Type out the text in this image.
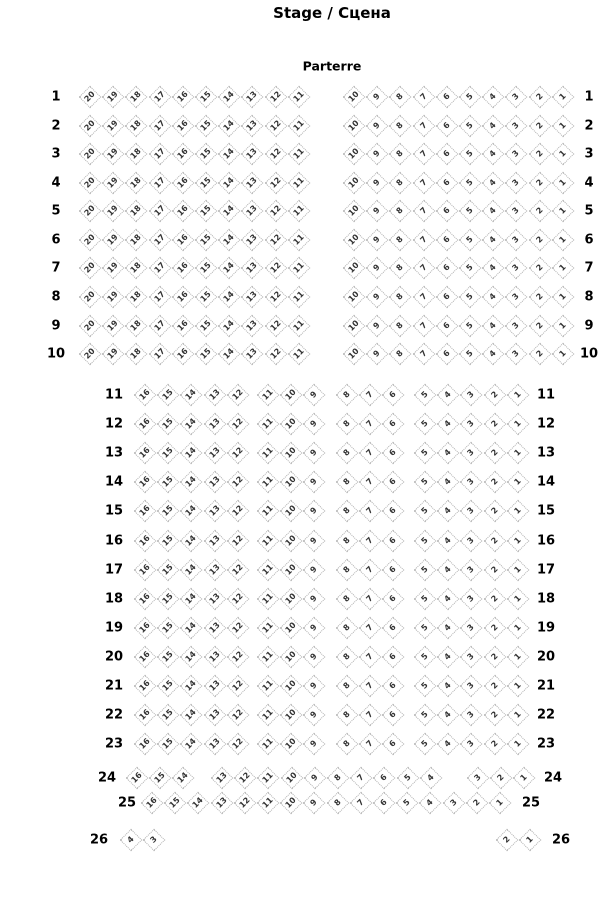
Stage / Сцена
Parterre
1	20 19 18 17 16 15 14 13 12 11	10 9 8 7 6 5 4 3 2 1 1
2	20 19 18 17 16 15 14 13 12 11	10 9 8 7 6 5 4 3 2 1 2
3	20 19 18 17 16 15 14 13 12 11	10 9 8 7 6 5 4 3 2 1 3
4	20 19 18 17 16 15 14 13 12 11	10 9 8 7 6 5 4 3 2 1 4
5	20 19 18 17 16 15 14 13 12 11	10 9 8 7 6 5 4 3 2 1 5
6	20 19 18 17 16 15 14 13 12 11	10 9 8 7 6 5 4 3 2 1 6
7	20 19 18 17 16 15 14 13 12 11	10 9 8 7 6 5 4 3 2 1 7
8	20 19 18 17 16 15 14 13 12 11	10 9 8 7 6 5 4 3 2 1 8
9	20 19 18 17 16 15 14 13 12 11	10 9 8 7 6 5 4 3 2 1 9
10 20 19 18 17 16 15 14 13 12 11	10 9 8 7 6 5 4 3 2 1 10
11 16 15 14 13 12 11 10 9	8 7 6	5 4 3 2 1 11
12 16 15 14 13 12 11 10 9	8 7 6	5 4 3 2 1 12
13 16 15 14 13 12 11 10 9	8 7 6	5 4 3 2 1 13
14 16 15 14 13 12 11 10 9	8 7 6	5 4 3 2 1 14
15 16 15 14 13 12 11 10 9	8 7 6	5 4 3 2 1 15
16 16 15 14 13 12 11 10 9	8 7 6	5 4 3 2 1 16
17 16 15 14 13 12 11 10 9	8 7 6	5 4 3 2 1 17
18 16 15 14 13 12 11 10 9	8 7 6	5 4 3 2 1 18
19 16 15 14 13 12 11 10 9	8 7 6	5 4 3 2 1 19
20 16 15 14 13 12 11 10 9	8 7 6	5 4 3 2 1 20
21 16 15 14 13 12 11 10 9	8 7 6	5 4 3 2 1 21
22 16 15 14 13 12 11 10 9	8 7 6	5 4 3 2 1 22
23 16 15 14 13 12 11 10 9	8 7 6	5 4 3 2 1 23
24 16 15 14	13 12 11 10 9 8 7 6 5 4	3 2 1 24
25 16 15 14 13 12 11 10 9 8 7 6 5 4 3 2 1 25
26 4 3	2 1 26
